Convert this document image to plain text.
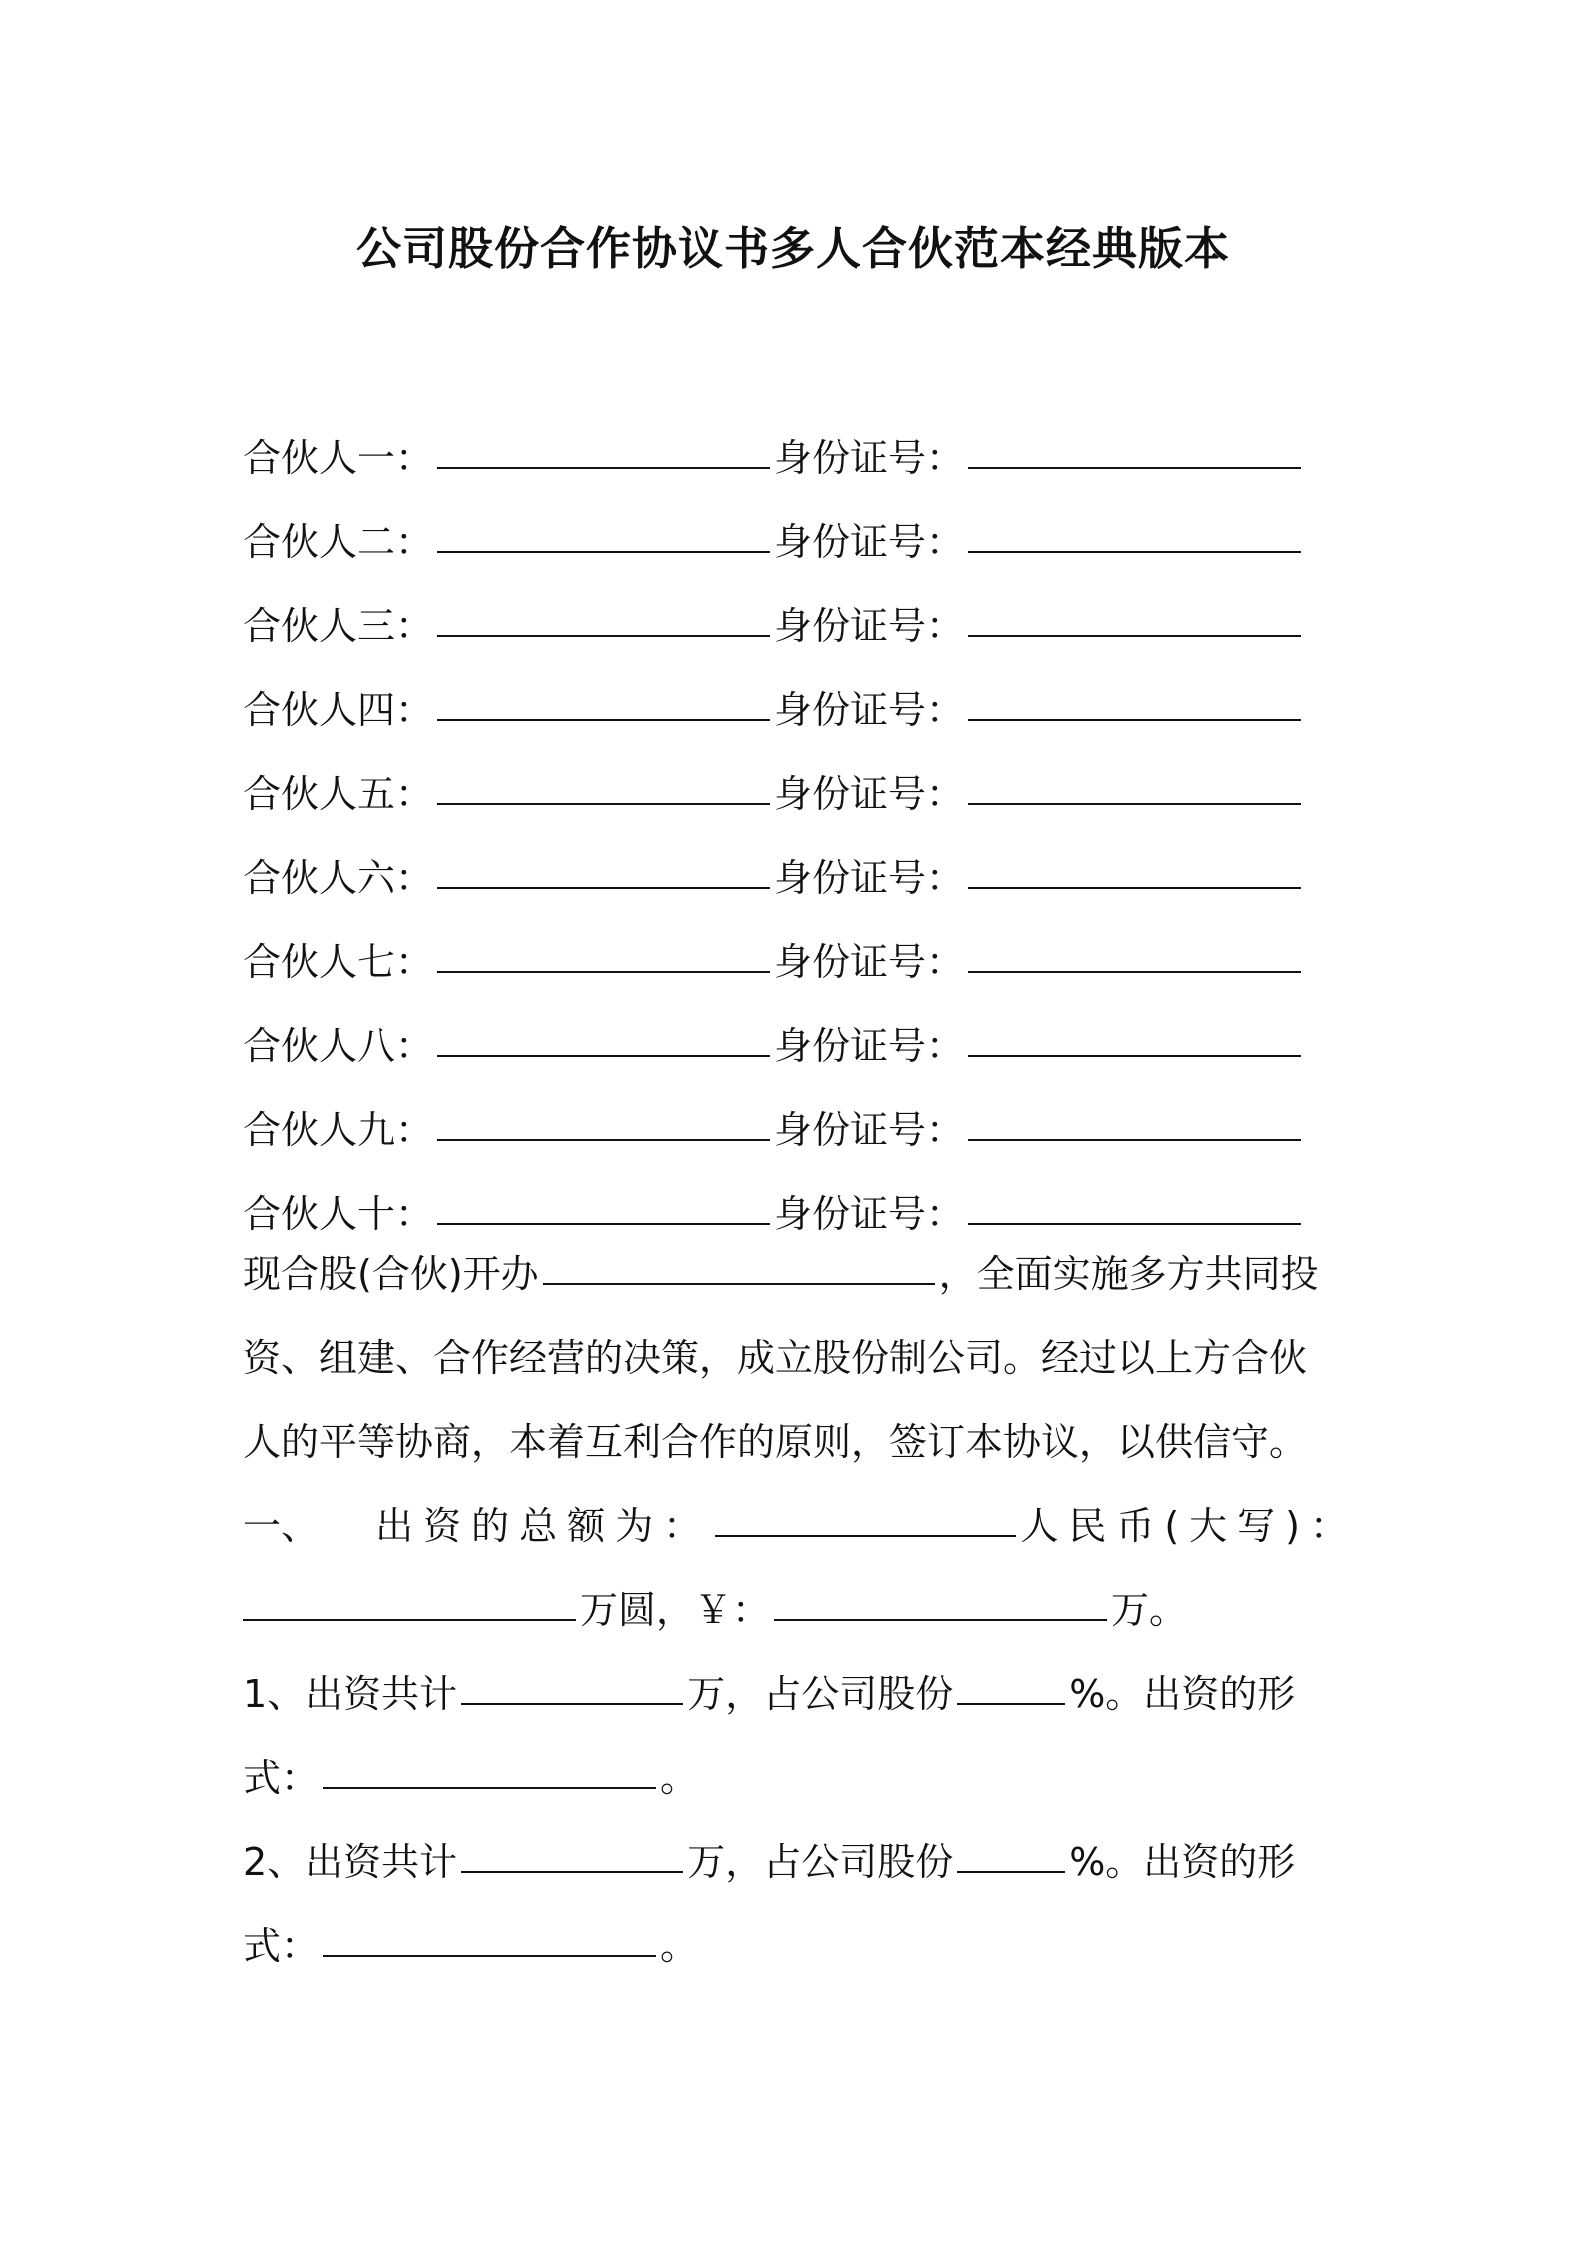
公司股份合作协议书多人合伙范本经典版本
合伙人一：	身份证号：
合伙人二：	身份证号：
合伙人三：	身份证号：
合伙人四：	身份证号：
合伙人五：	身份证号：
合伙人六：	身份证号：
合伙人七：	身份证号：
合伙人八：	身份证号：
合伙人九：	身份证号：
合伙人十：	身份证号：
现合股(合伙)开办	，全面实施多方共同投
资、组建、合作经营的决策，成立股份制公司。经过以上方合伙
人的平等协商，本着互利合作的原则，签订本协议，以供信守。
一、 出资的总额为：	人民币(大写)：
万圆，￥：	万。
1、出资共计	万，占公司股份	%。出资的形
式：	。
2、出资共计	万，占公司股份	%。出资的形
式：	。
